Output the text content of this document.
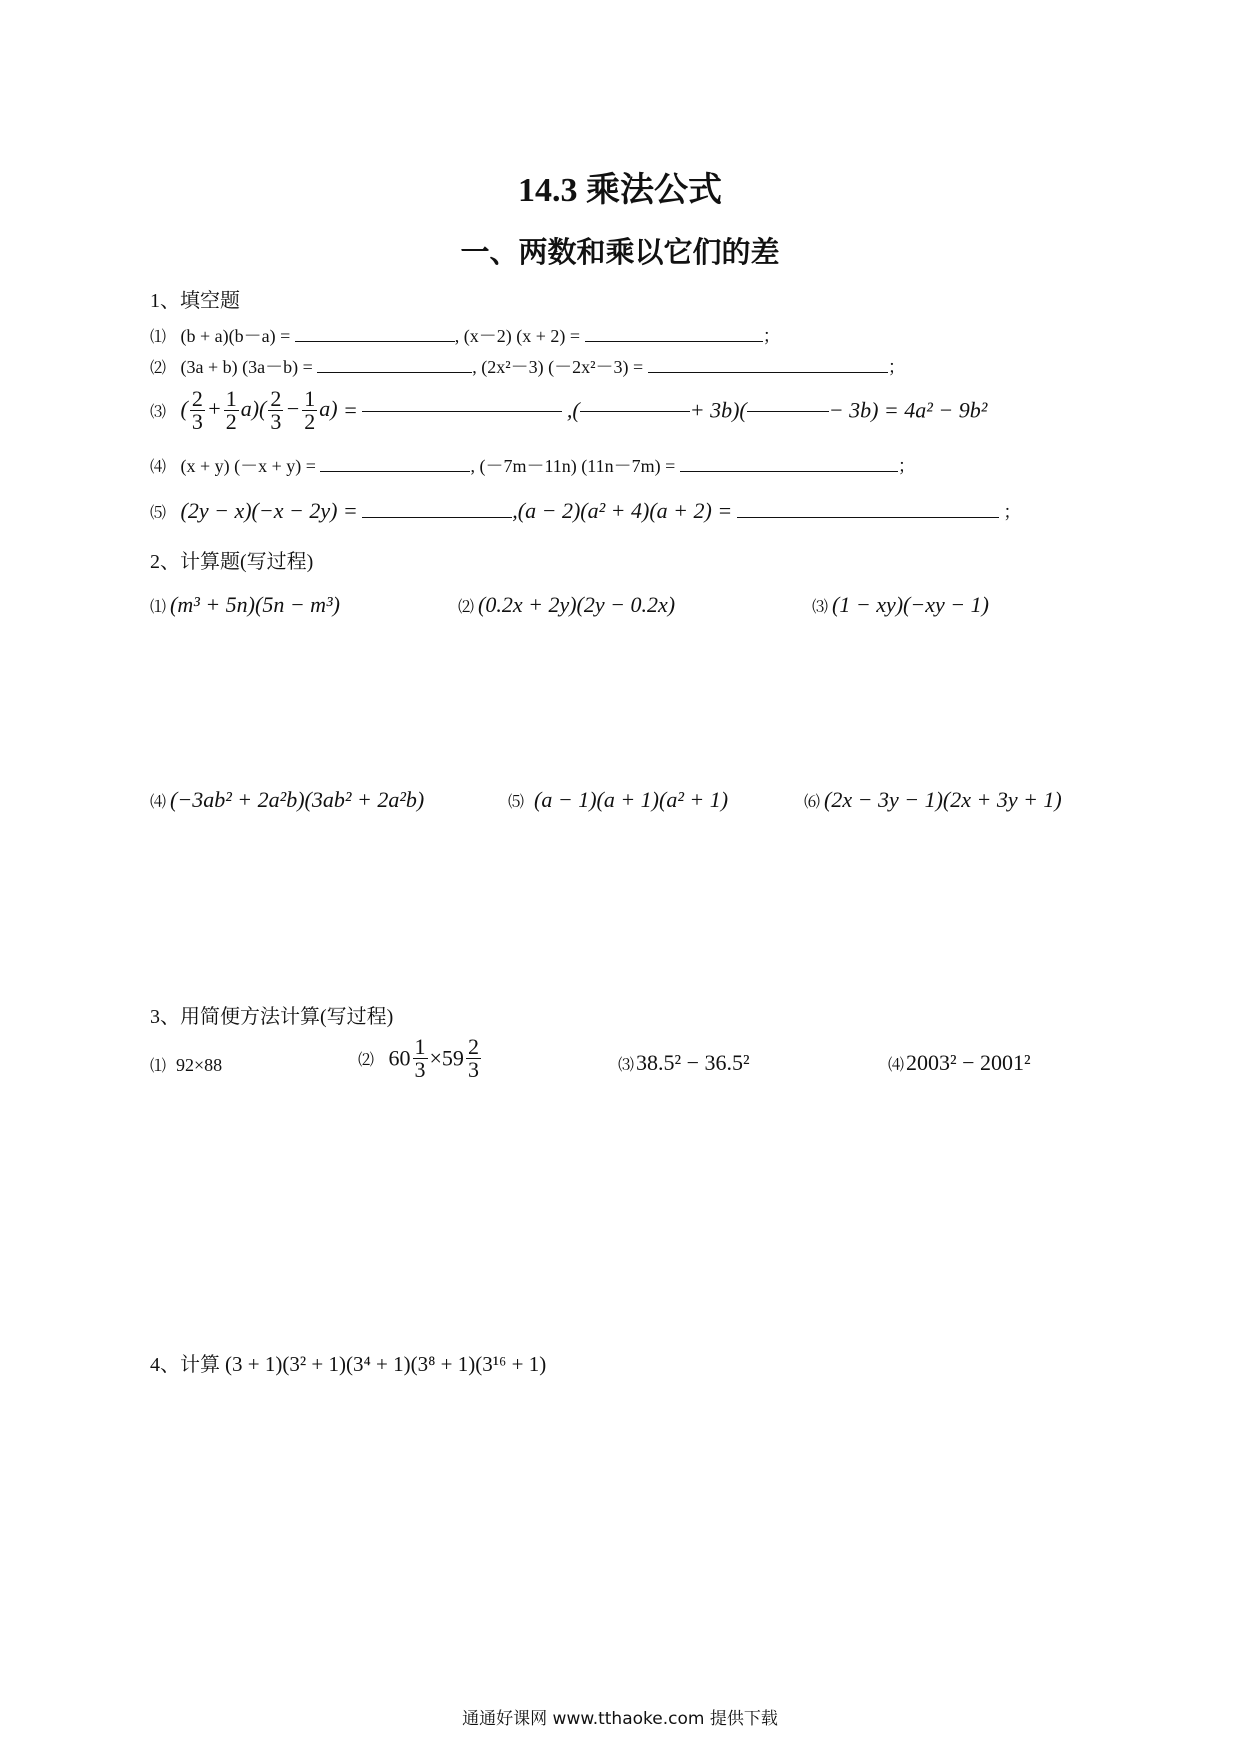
14.3 乘法公式
一、两数和乘以它们的差
1、填空题
⑴ (b + a)(b－a) =	, (x－2) (x + 2) =	；
⑵ (3a + b) (3a－b) =	, (2x²－3) (－2x²－3) =	；
⑶ ( $\frac{2}{3} + \frac{1}{2} a)( \frac{2}{3} - \frac{1}{2} a)$ =	,(	+ 3b)(	− 3b) = 4a² − 9b²
⑷ (x + y) (－x + y) =	, (－7m－11n) (11n－7m) =	；
⑸ (2y − x)(−x − 2y) =	,(a − 2)(a² + 4)(a + 2) =	；
2、计算题(写过程)
⑴ (m³ + 5n)(5n − m³)	⑵ (0.2x + 2y)(2y − 0.2x)	⑶ (1 − xy)(−xy − 1)
⑷ (−3ab² + 2a²b)(3ab² + 2a²b)	⑸ (a − 1)(a + 1)(a² + 1)	⑹ (2x − 3y − 1)(2x + 3y + 1)
3、用简便方法计算(写过程)
⑴ 92×88	⑵ $60 \frac{1}{3} \times 59 \frac{2}{3}$	⑶38.5² − 36.5²	⑷2003² − 2001²
4、计算 (3 + 1)(3² + 1)(3⁴ + 1)(3⁸ + 1)(3¹⁶ + 1)
通通好课网 www.tthaoke.com 提供下载
